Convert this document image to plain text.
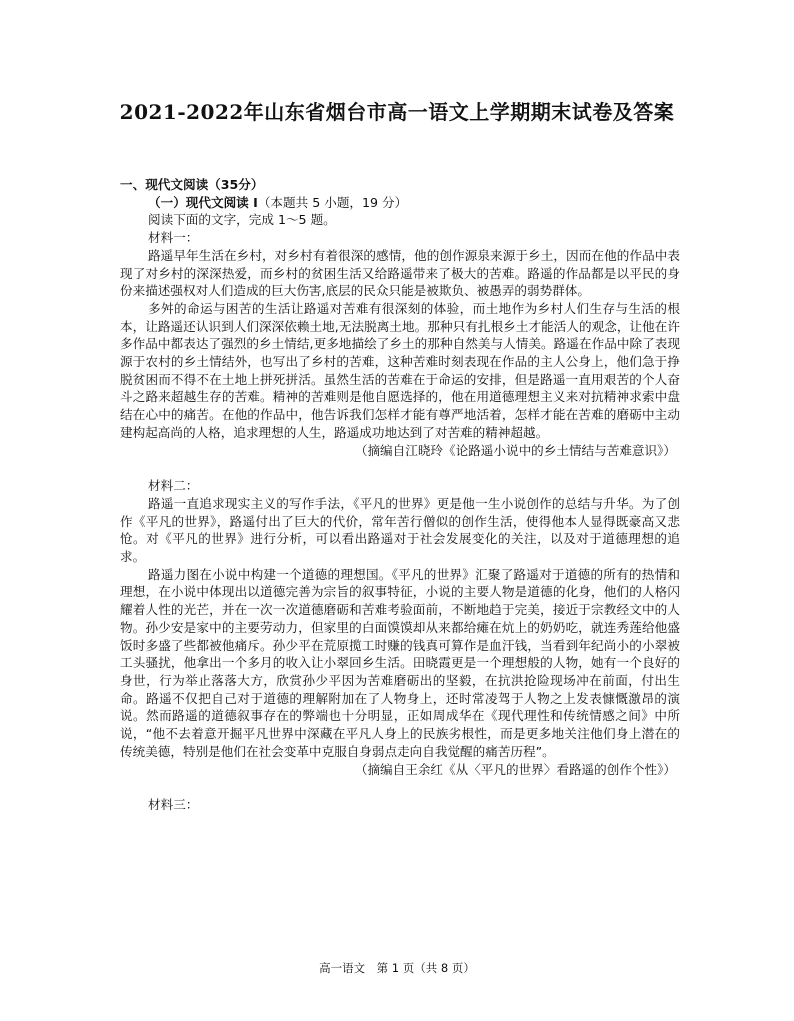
2021-2022年山东省烟台市高一语文上学期期末试卷及答案

一、现代文阅读（35分）

（一）现代文阅读 I（本题共 5 小题，19 分）

阅读下面的文字，完成 1～5 题。

材料一：

路遥早年生活在乡村，对乡村有着很深的感情，他的创作源泉来源于乡土，因而在他的作品中表现了对乡村的深深热爱，而乡村的贫困生活又给路遥带来了极大的苦难。路遥的作品都是以平民的身份来描述强权对人们造成的巨大伤害,底层的民众只能是被欺负、被愚弄的弱势群体。

多舛的命运与困苦的生活让路遥对苦难有很深刻的体验，而土地作为乡村人们生存与生活的根本，让路遥还认识到人们深深依赖土地,无法脱离土地。那种只有扎根乡土才能活人的观念，让他在许多作品中都表达了强烈的乡土情结,更多地描绘了乡土的那种自然美与人情美。路遥在作品中除了表现源于农村的乡土情结外，也写出了乡村的苦难，这种苦难时刻表现在作品的主人公身上，他们急于挣脱贫困而不得不在土地上拼死拼活。虽然生活的苦难在于命运的安排，但是路遥一直用艰苦的个人奋斗之路来超越生存的苦难。精神的苦难则是他自愿选择的，他在用道德理想主义来对抗精神求索中盘结在心中的痛苦。在他的作品中，他告诉我们怎样才能有尊严地活着，怎样才能在苦难的磨砺中主动建构起高尚的人格，追求理想的人生，路遥成功地达到了对苦难的精神超越。

（摘编自江晓玲《论路遥小说中的乡土情结与苦难意识》）

材料二：

路遥一直追求现实主义的写作手法，《平凡的世界》更是他一生小说创作的总结与升华。为了创作《平凡的世界》，路遥付出了巨大的代价，常年苦行僧似的创作生活，使得他本人显得既豪高又悲怆。对《平凡的世界》进行分析，可以看出路遥对于社会发展变化的关注，以及对于道德理想的追求。

路遥力图在小说中构建一个道德的理想国。《平凡的世界》汇聚了路遥对于道德的所有的热情和理想，在小说中体现出以道德完善为宗旨的叙事特征，小说的主要人物是道德的化身，他们的人格闪耀着人性的光芒，并在一次一次道德磨砺和苦难考验面前，不断地趋于完美，接近于宗教经文中的人物。孙少安是家中的主要劳动力，但家里的白面馍馍却从来都给瘫在炕上的奶奶吃，就连秀莲给他盛饭时多盛了些都被他痛斥。孙少平在荒原揽工时赚的钱真可算作是血汗钱，当看到年纪尚小的小翠被工头骚扰，他拿出一个多月的收入让小翠回乡生活。田晓霞更是一个理想般的人物，她有一个良好的身世，行为举止落落大方，欣赏孙少平因为苦难磨砺出的坚毅，在抗洪抢险现场冲在前面，付出生命。路遥不仅把自己对于道德的理解附加在了人物身上，还时常凌驾于人物之上发表慷慨激昂的演说。然而路遥的道德叙事存在的弊端也十分明显，正如周成华在《现代理性和传统情感之间》中所说，“他不去着意开掘平凡世界中深藏在平凡人身上的民族劣根性，而是更多地关注他们身上潜在的传统美德，特别是他们在社会变革中克服自身弱点走向自我觉醒的痛苦历程”。

（摘编自王余红《从〈平凡的世界〉看路遥的创作个性》）

材料三：

高一语文　第 1 页（共 8 页）
